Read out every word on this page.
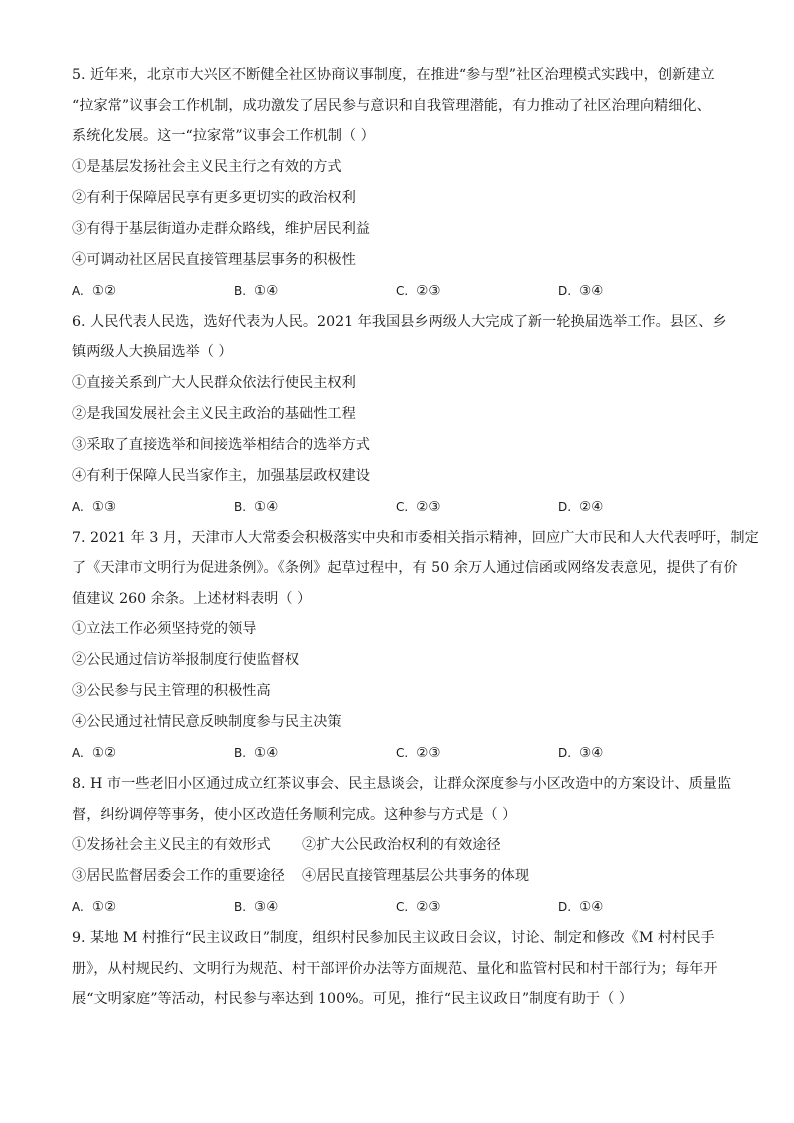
5. 近年来，北京市大兴区不断健全社区协商议事制度，在推进“参与型”社区治理模式实践中，创新建立
“拉家常”议事会工作机制，成功激发了居民参与意识和自我管理潜能，有力推动了社区治理向精细化、
系统化发展。这一“拉家常”议事会工作机制（ ）
①是基层发扬社会主义民主行之有效的方式
②有利于保障居民享有更多更切实的政治权利
③有得于基层街道办走群众路线，维护居民利益
④可调动社区居民直接管理基层事务的积极性
A. ①②	B. ①④	C. ②③	D. ③④
6. 人民代表人民选，选好代表为人民。2021 年我国县乡两级人大完成了新一轮换届选举工作。县区、乡
镇两级人大换届选举（ ）
①直接关系到广大人民群众依法行使民主权利
②是我国发展社会主义民主政治的基础性工程
③采取了直接选举和间接选举相结合的选举方式
④有利于保障人民当家作主，加强基层政权建设
A. ①③	B. ①④	C. ②③	D. ②④
7. 2021 年 3 月，天津市人大常委会积极落实中央和市委相关指示精神，回应广大市民和人大代表呼吁，制定
了《天津市文明行为促进条例》。《条例》起草过程中，有 50 余万人通过信函或网络发表意见，提供了有价
值建议 260 余条。上述材料表明（ ）
①立法工作必须坚持党的领导
②公民通过信访举报制度行使监督权
③公民参与民主管理的积极性高
④公民通过社情民意反映制度参与民主决策
A. ①②	B. ①④	C. ②③	D. ③④
8. H 市一些老旧小区通过成立红茶议事会、民主恳谈会，让群众深度参与小区改造中的方案设计、质量监
督，纠纷调停等事务，使小区改造任务顺利完成。这种参与方式是（ ）
①发扬社会主义民主的有效形式	②扩大公民政治权利的有效途径
③居民监督居委会工作的重要途径	④居民直接管理基层公共事务的体现
A. ①②	B. ③④	C. ②③	D. ①④
9. 某地 M 村推行“民主议政日”制度，组织村民参加民主议政日会议，讨论、制定和修改《M 村村民手
册》，从村规民约、文明行为规范、村干部评价办法等方面规范、量化和监管村民和村干部行为；每年开
展“文明家庭”等活动，村民参与率达到 100%。可见，推行“民主议政日”制度有助于（ ）
